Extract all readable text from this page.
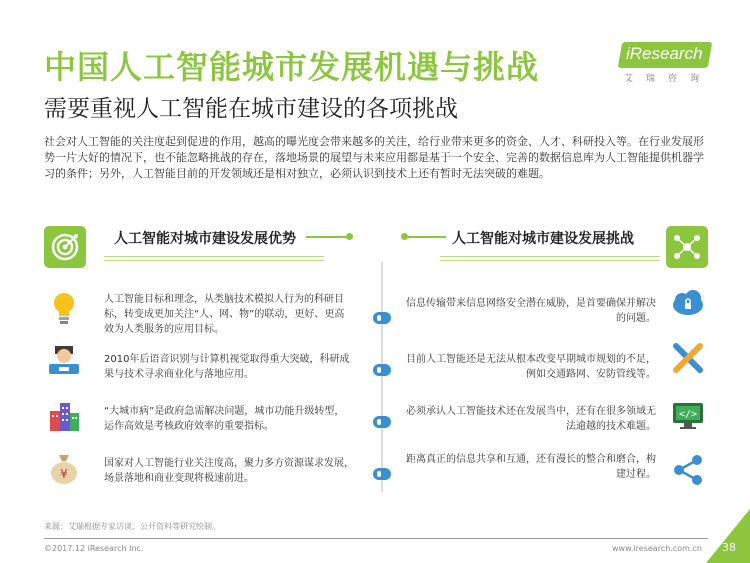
中国人工智能城市发展机遇与挑战
需要重视人工智能在城市建设的各项挑战
iResearch
艾瑞咨询
社会对人工智能的关注度起到促进的作用，越高的曝光度会带来越多的关注，给行业带来更多的资金、人才、科研投入等。在行业发展形势一片大好的情况下，也不能忽略挑战的存在，落地场景的展望与未来应用都是基于一个安全、完善的数据信息库为人工智能提供机器学习的条件；另外，人工智能目前的开发领域还是相对独立，必须认识到技术上还有暂时无法突破的难题。
人工智能对城市建设发展优势	人工智能对城市建设发展挑战
人工智能目标和理念，从类脑技术模拟人行为的科研目标，转变成更加关注“人、网、物”的联动，更好、更高效为人类服务的应用目标。
2010年后语音识别与计算机视觉取得重大突破，科研成果与技术寻求商业化与落地应用。
“大城市病”是政府急需解决问题，城市功能升级转型，运作高效是考核政府效率的重要指标。
¥
国家对人工智能行业关注度高，聚力多方资源谋求发展，场景落地和商业变现将极速前进。
信息传输带来信息网络安全潜在威胁，是首要确保并解决的问题。
目前人工智能还是无法从根本改变早期城市规划的不足，例如交通路网、安防管线等。
必须承认人工智能技术还在发展当中，还有在很多领域无法逾越的技术难题。
</>
距离真正的信息共享和互通，还有漫长的整合和磨合，构建过程。
来源：艾瑞根据专家访谈、公开资料等研究绘制。
©2017.12 iResearch Inc.	www.iresearch.com.cn 38
